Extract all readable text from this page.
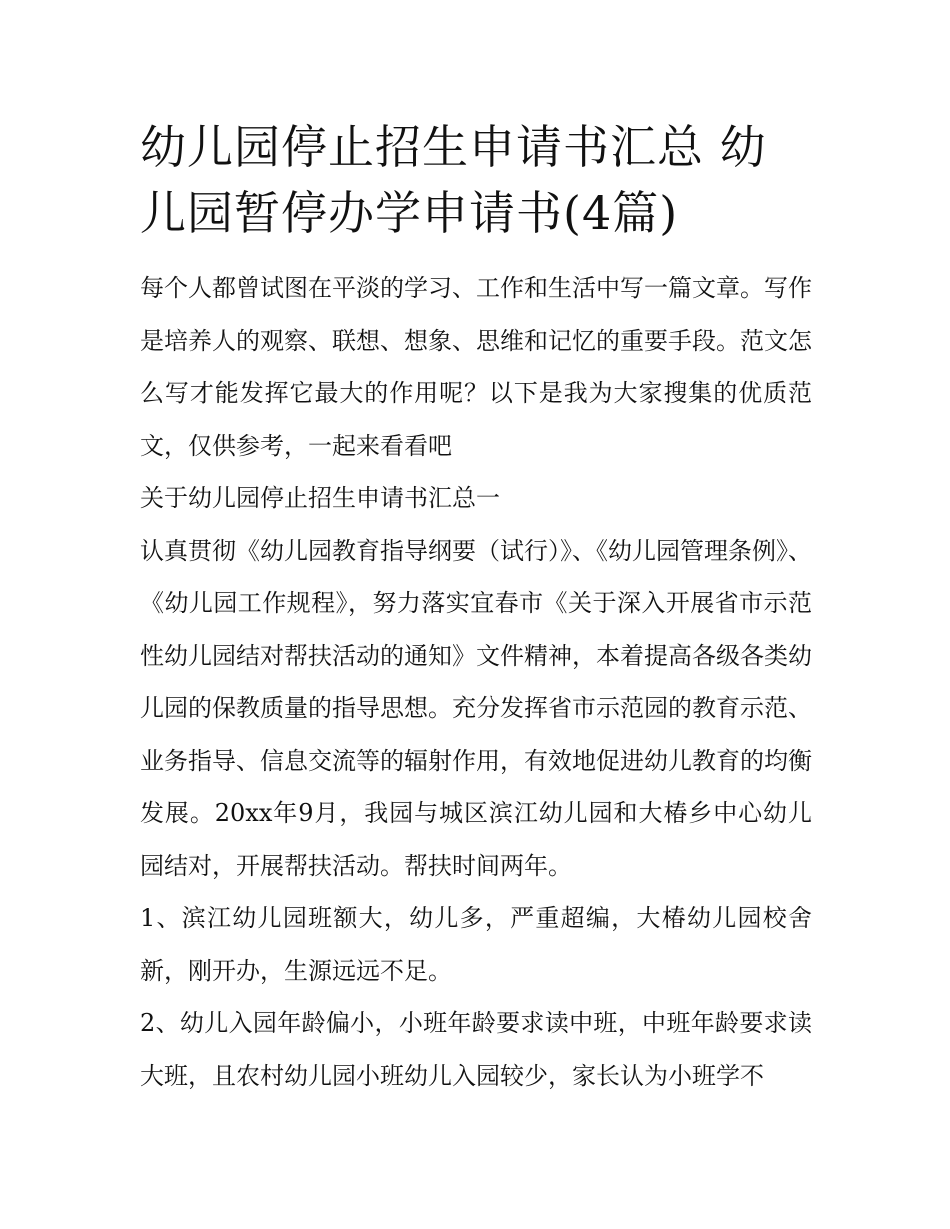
幼儿园停止招生申请书汇总 幼儿园暂停办学申请书(4篇)

每个人都曾试图在平淡的学习、工作和生活中写一篇文章。写作是培养人的观察、联想、想象、思维和记忆的重要手段。范文怎么写才能发挥它最大的作用呢？以下是我为大家搜集的优质范文，仅供参考，一起来看看吧

关于幼儿园停止招生申请书汇总一

认真贯彻《幼儿园教育指导纲要（试行）》、《幼儿园管理条例》、《幼儿园工作规程》，努力落实宜春市《关于深入开展省市示范性幼儿园结对帮扶活动的通知》文件精神，本着提高各级各类幼儿园的保教质量的指导思想。充分发挥省市示范园的教育示范、业务指导、信息交流等的辐射作用，有效地促进幼儿教育的均衡发展。20xx年9月，我园与城区滨江幼儿园和大椿乡中心幼儿园结对，开展帮扶活动。帮扶时间两年。

1、滨江幼儿园班额大，幼儿多，严重超编，大椿幼儿园校舍新，刚开办，生源远远不足。

2、幼儿入园年龄偏小，小班年龄要求读中班，中班年龄要求读大班，且农村幼儿园小班幼儿入园较少，家长认为小班学不
